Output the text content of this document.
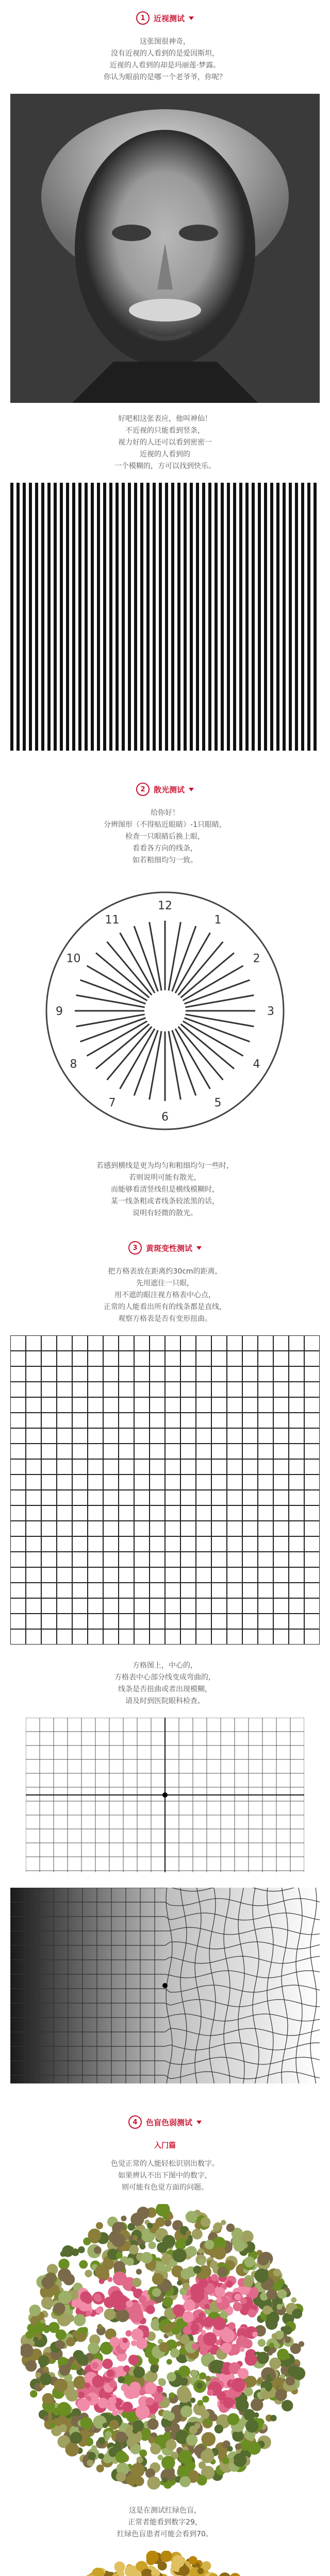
1	近视测试

这张图很神奇，

没有近视的人看到的是爱因斯坦，

近视的人看到的却是玛丽莲·梦露。

你认为眼前的是哪一个老爷爷，你呢？

好吧相这张表应，他叫神仙！

不近视的只能看到竖条，

视力好的人还可以看到密密一

近视的人看到的

一个模糊的，方可以找到快乐。

2	散光测试

给你好！

分辨图形（不得贴近眼睛）-1只眼睛，

检查一只眼睛后换上眼，

看看各方向的线条，

如若粗细均匀一致。

12
1
2
3
4
5
6
7
8
9
10
11

若感到横线是更为均匀和粗细均匀一些时，

若则说明可能有散光，

而能够看清竖线但是横线模糊时，

某一线条粗或者线条较浓黑的话，

说明有轻微的散光。

3	黄斑变性测试

把方格表放在距离约30cm的距离，

先用遮住一只眼，

用不遮的眼注视方格表中心点，

正常的人能看出所有的线条都是直线，

观察方格表是否有变形扭曲。

方格图上，中心的，

方格表中心部分线变成弯曲的，

线条是否扭曲或者出现模糊，

请及时到医院眼科检查。

4	色盲色弱测试
入门篇

色觉正常的人能轻松识别出数字。

如果辨认不出下图中的数字，

则可能有色觉方面的问题。

这是在测试红绿色盲，

正常者能看到数字29，

红绿色盲患者可能会看到70。
